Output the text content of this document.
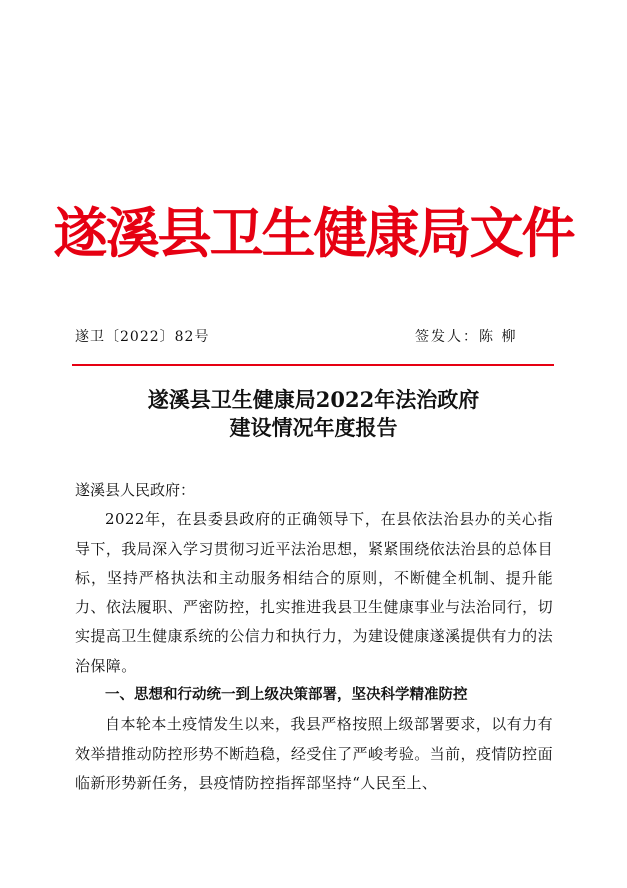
遂溪县卫生健康局文件
遂卫〔2022〕82号	签发人：陈 柳
遂溪县卫生健康局2022年法治政府
建设情况年度报告

遂溪县人民政府：

2022年，在县委县政府的正确领导下，在县依法治县办的关心指导下，我局深入学习贯彻习近平法治思想，紧紧围绕依法治县的总体目标，坚持严格执法和主动服务相结合的原则，不断健全机制、提升能力、依法履职、严密防控，扎实推进我县卫生健康事业与法治同行，切实提高卫生健康系统的公信力和执行力，为建设健康遂溪提供有力的法治保障。

一、思想和行动统一到上级决策部署，坚决科学精准防控

自本轮本土疫情发生以来，我县严格按照上级部署要求，以有力有效举措推动防控形势不断趋稳，经受住了严峻考验。当前，疫情防控面临新形势新任务，县疫情防控指挥部坚持“人民至上、
